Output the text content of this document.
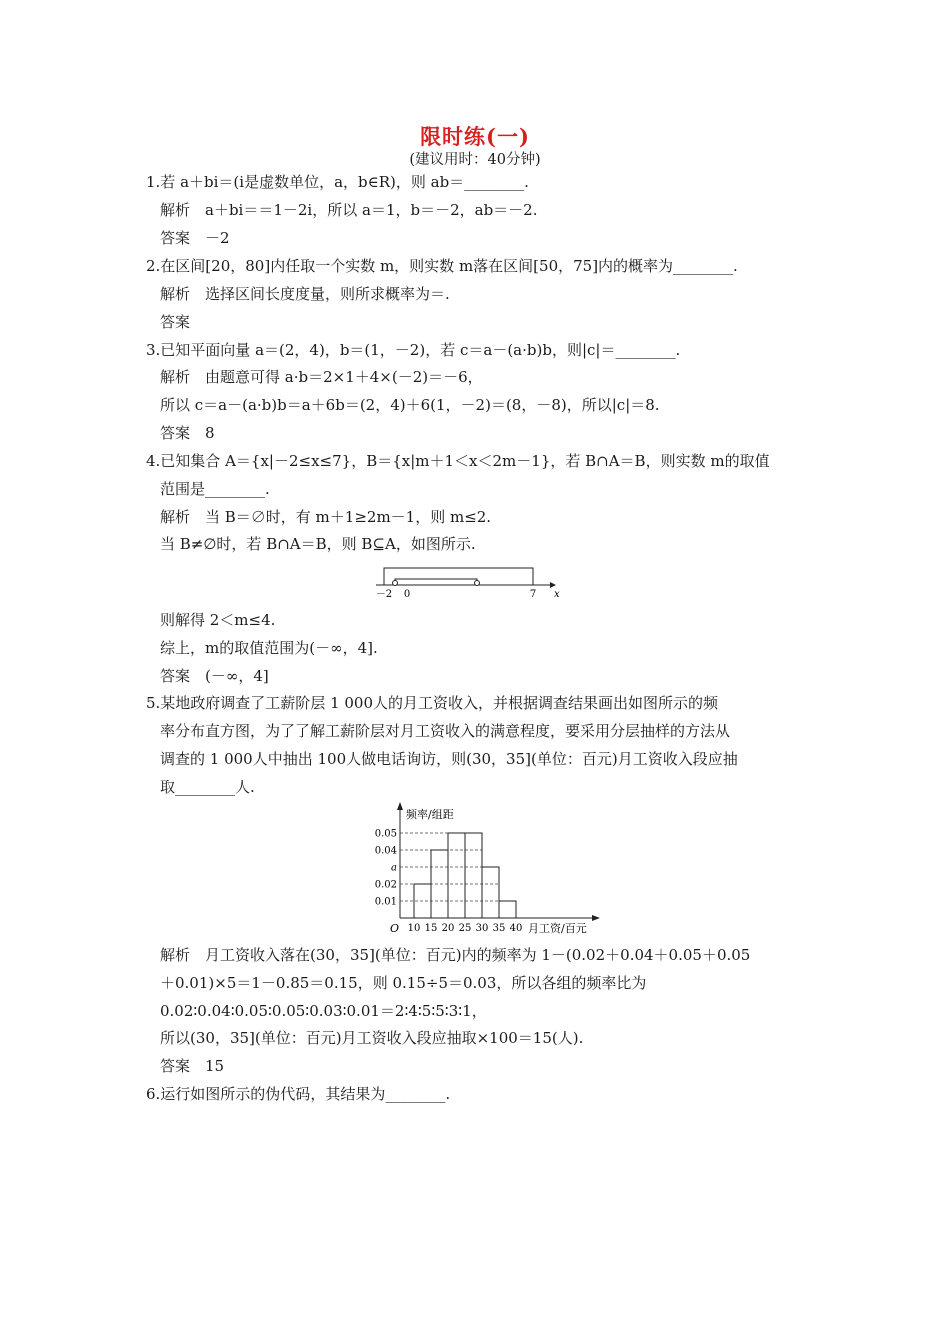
限时练(一)
(建议用时：40分钟)
1.若 a＋bi＝(i是虚数单位，a，b∈R)，则 ab＝________.
解析　a＋bi＝＝1－2i，所以 a＝1，b＝－2，ab＝－2.
答案　－2
2.在区间[20，80]内任取一个实数 m，则实数 m落在区间[50，75]内的概率为________.
解析　选择区间长度度量，则所求概率为＝.
答案
3.已知平面向量 a＝(2，4)，b＝(1，－2)，若 c＝a－(a·b)b，则|c|＝________.
解析　由题意可得 a·b＝2×1＋4×(－2)＝－6，
所以 c＝a－(a·b)b＝a＋6b＝(2，4)＋6(1，－2)＝(8，－8)，所以|c|＝8.
答案　8
4.已知集合 A＝{x|－2≤x≤7}，B＝{x|m＋1＜x＜2m－1}，若 B∩A＝B，则实数 m的取值
范围是________.
解析　当 B＝∅时，有 m＋1≥2m－1，则 m≤2.
当 B≠∅时，若 B∩A＝B，则 B⊆A，如图所示.
－2 0	7 x
则解得 2＜m≤4.
综上，m的取值范围为(－∞，4].
答案　(－∞，4]
5.某地政府调查了工薪阶层 1 000人的月工资收入，并根据调查结果画出如图所示的频
率分布直方图，为了了解工薪阶层对月工资收入的满意程度，要采用分层抽样的方法从
调查的 1 000人中抽出 100人做电话询访，则(30，35](单位：百元)月工资收入段应抽
取________人.
频率/组距
月工资/百元
O
0.05
0.04
a
0.02
0.01
10 15 20 25 30 35 40
解析　月工资收入落在(30，35](单位：百元)内的频率为 1－(0.02＋0.04＋0.05＋0.05
＋0.01)×5＝1－0.85＝0.15，则 0.15÷5＝0.03，所以各组的频率比为
0.02∶0.04∶0.05∶0.05∶0.03∶0.01＝2∶4∶5∶5∶3∶1，
所以(30，35](单位：百元)月工资收入段应抽取×100＝15(人).
答案　15
6.运行如图所示的伪代码，其结果为________.
